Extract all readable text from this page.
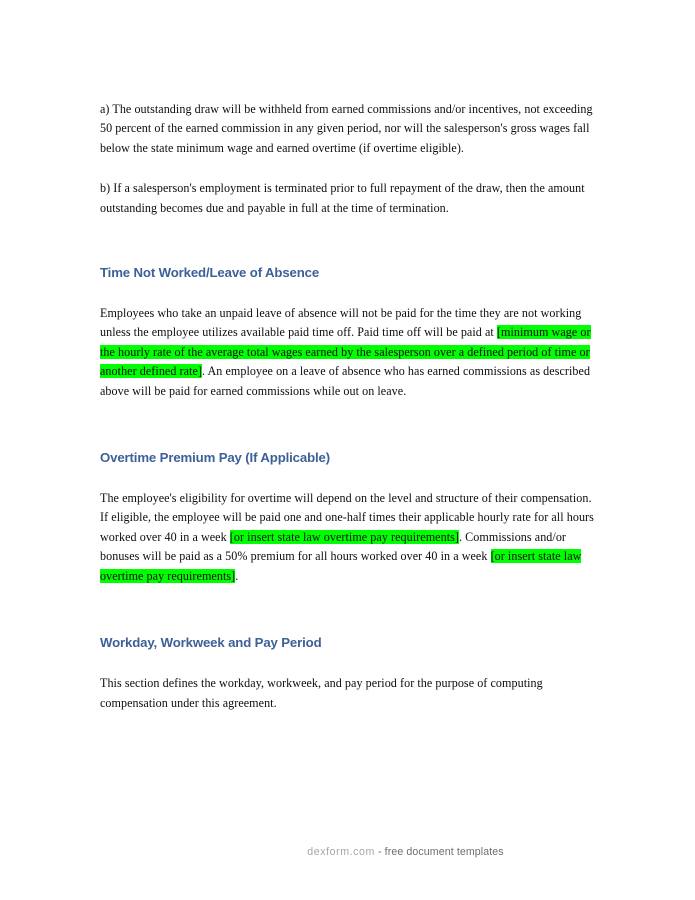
a) The outstanding draw will be withheld from earned commissions and/or incentives, not exceeding 50 percent of the earned commission in any given period, nor will the salesperson's gross wages fall below the state minimum wage and earned overtime (if overtime eligible).

b) If a salesperson's employment is terminated prior to full repayment of the draw, then the amount outstanding becomes due and payable in full at the time of termination.

Time Not Worked/Leave of Absence

Employees who take an unpaid leave of absence will not be paid for the time they are not working unless the employee utilizes available paid time off. Paid time off will be paid at [minimum wage or the hourly rate of the average total wages earned by the salesperson over a defined period of time or another defined rate]. An employee on a leave of absence who has earned commissions as described above will be paid for earned commissions while out on leave.

Overtime Premium Pay (If Applicable)

The employee's eligibility for overtime will depend on the level and structure of their compensation. If eligible, the employee will be paid one and one-half times their applicable hourly rate for all hours worked over 40 in a week [or insert state law overtime pay requirements]. Commissions and/or bonuses will be paid as a 50% premium for all hours worked over 40 in a week [or insert state law overtime pay requirements].

Workday, Workweek and Pay Period

This section defines the workday, workweek, and pay period for the purpose of computing compensation under this agreement.

dexform.com - free document templates
